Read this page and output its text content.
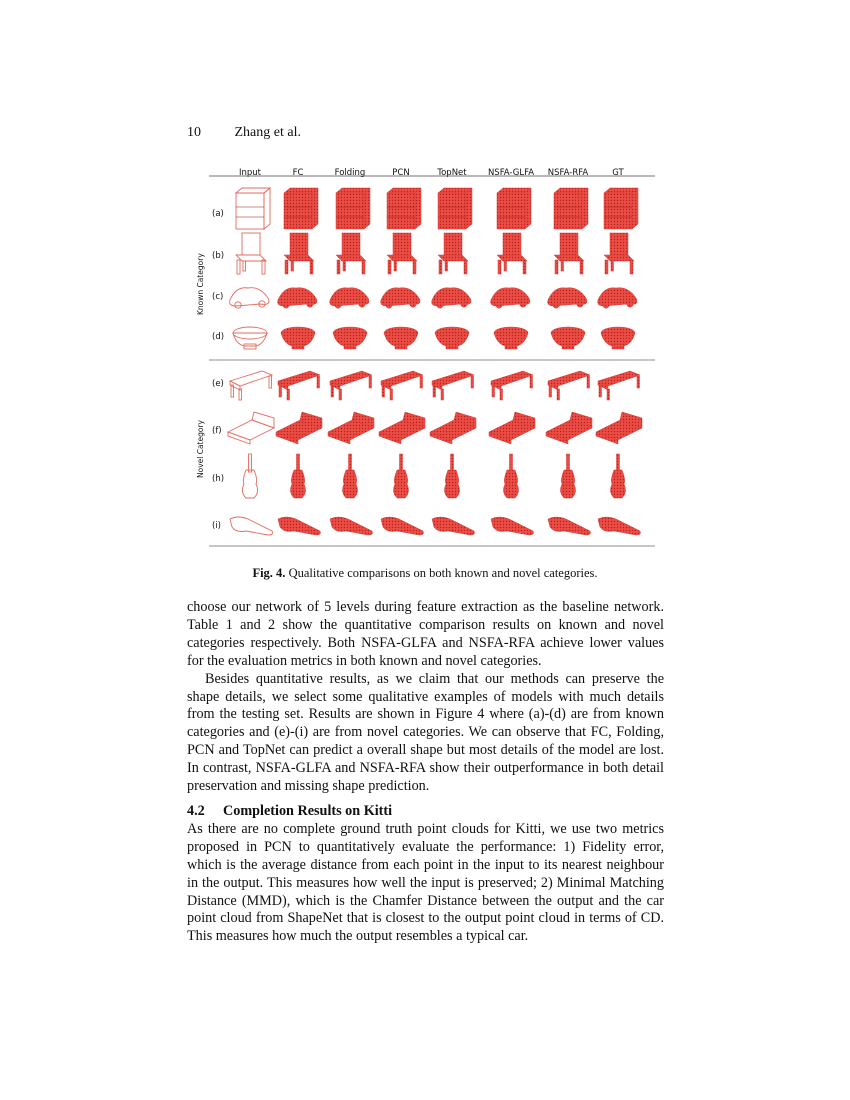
10 Zhang et al.
Input	FC	Folding	PCN	TopNet	NSFA-GLFA NSFA-RFA	GT
Known Category
Novel Category
(a)
(b)
(c)
(d)
(e)
(f)
(h)
(i)
Fig. 4. Qualitative comparisons on both known and novel categories.

choose our network of 5 levels during feature extraction as the baseline network. Table 1 and 2 show the quantitative comparison results on known and novel categories respectively. Both NSFA-GLFA and NSFA-RFA achieve lower values for the evaluation metrics in both known and novel categories.

Besides quantitative results, as we claim that our methods can preserve the shape details, we select some qualitative examples of models with much details from the testing set. Results are shown in Figure 4 where (a)-(d) are from known categories and (e)-(i) are from novel categories. We can observe that FC, Folding, PCN and TopNet can predict a overall shape but most details of the model are lost. In contrast, NSFA-GLFA and NSFA-RFA show their outperformance in both detail preservation and missing shape prediction.

4.2 Completion Results on Kitti

As there are no complete ground truth point clouds for Kitti, we use two metrics proposed in PCN to quantitatively evaluate the performance: 1) Fidelity error, which is the average distance from each point in the input to its nearest neighbour in the output. This measures how well the input is preserved; 2) Minimal Matching Distance (MMD), which is the Chamfer Distance between the output and the car point cloud from ShapeNet that is closest to the output point cloud in terms of CD. This measures how much the output resembles a typical car.
